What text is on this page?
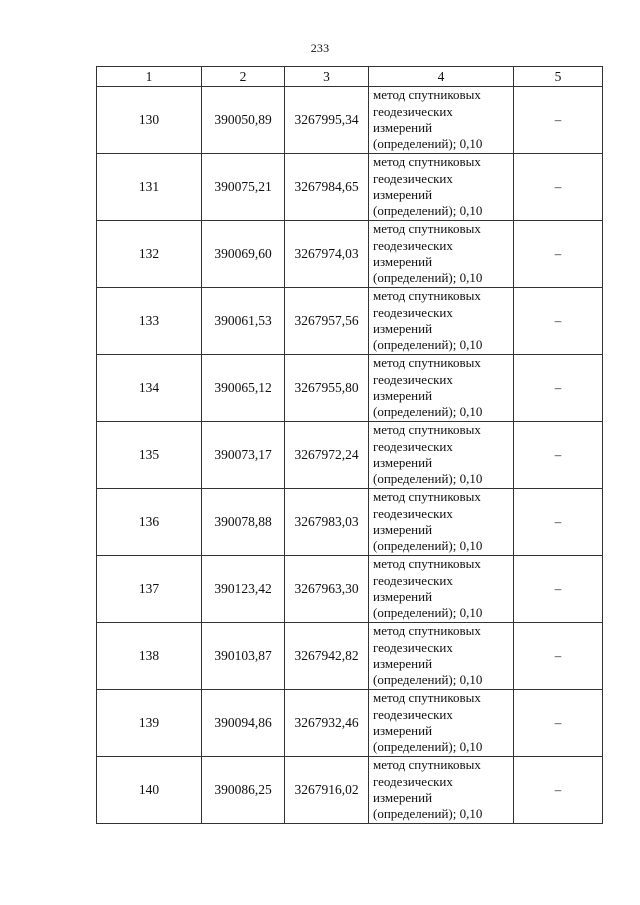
233
1	2	3	4	5
130	390050,89	3267995,34	метод спутниковых
геодезических
измерений
(определений); 0,10	–
131	390075,21	3267984,65	метод спутниковых
геодезических
измерений
(определений); 0,10	–
132	390069,60	3267974,03	метод спутниковых
геодезических
измерений
(определений); 0,10	–
133	390061,53	3267957,56	метод спутниковых
геодезических
измерений
(определений); 0,10	–
134	390065,12	3267955,80	метод спутниковых
геодезических
измерений
(определений); 0,10	–
135	390073,17	3267972,24	метод спутниковых
геодезических
измерений
(определений); 0,10	–
136	390078,88	3267983,03	метод спутниковых
геодезических
измерений
(определений); 0,10	–
137	390123,42	3267963,30	метод спутниковых
геодезических
измерений
(определений); 0,10	–
138	390103,87	3267942,82	метод спутниковых
геодезических
измерений
(определений); 0,10	–
139	390094,86	3267932,46	метод спутниковых
геодезических
измерений
(определений); 0,10	–
140	390086,25	3267916,02	метод спутниковых
геодезических
измерений
(определений); 0,10	–
